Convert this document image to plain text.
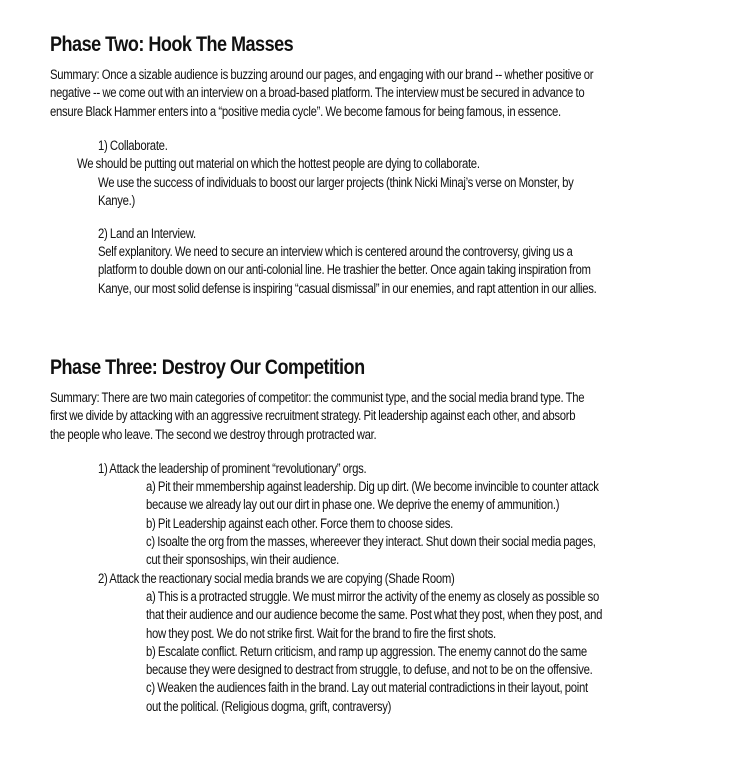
Phase Two: Hook The Masses
Summary: Once a sizable audience is buzzing around our pages, and engaging with our brand -- whether positive or
negative -- we come out with an interview on a broad-based platform. The interview must be secured in advance to
ensure Black Hammer enters into a “positive media cycle”. We become famous for being famous, in essence.
1) Collaborate.
We should be putting out material on which the hottest people are dying to collaborate.
We use the success of individuals to boost our larger projects (think Nicki Minaj’s verse on Monster, by
Kanye.)
2) Land an Interview.
Self explanitory. We need to secure an interview which is centered around the controversy, giving us a
platform to double down on our anti-colonial line. He trashier the better. Once again taking inspiration from
Kanye, our most solid defense is inspiring “casual dismissal” in our enemies, and rapt attention in our allies.
Phase Three: Destroy Our Competition
Summary: There are two main categories of competitor: the communist type, and the social media brand type. The
first we divide by attacking with an aggressive recruitment strategy. Pit leadership against each other, and absorb
the people who leave. The second we destroy through protracted war.
1) Attack the leadership of prominent “revolutionary” orgs.
a) Pit their mmembership against leadership. Dig up dirt. (We become invincible to counter attack
because we already lay out our dirt in phase one. We deprive the enemy of ammunition.)
b) Pit Leadership against each other. Force them to choose sides.
c) Isoalte the org from the masses, whereever they interact. Shut down their social media pages,
cut their sponsoships, win their audience.
2) Attack the reactionary social media brands we are copying (Shade Room)
a) This is a protracted struggle. We must mirror the activity of the enemy as closely as possible so
that their audience and our audience become the same. Post what they post, when they post, and
how they post. We do not strike first. Wait for the brand to fire the first shots.
b) Escalate conflict. Return criticism, and ramp up aggression. The enemy cannot do the same
because they were designed to destract from struggle, to defuse, and not to be on the offensive.
c) Weaken the audiences faith in the brand. Lay out material contradictions in their layout, point
out the political. (Religious dogma, grift, contraversy)
